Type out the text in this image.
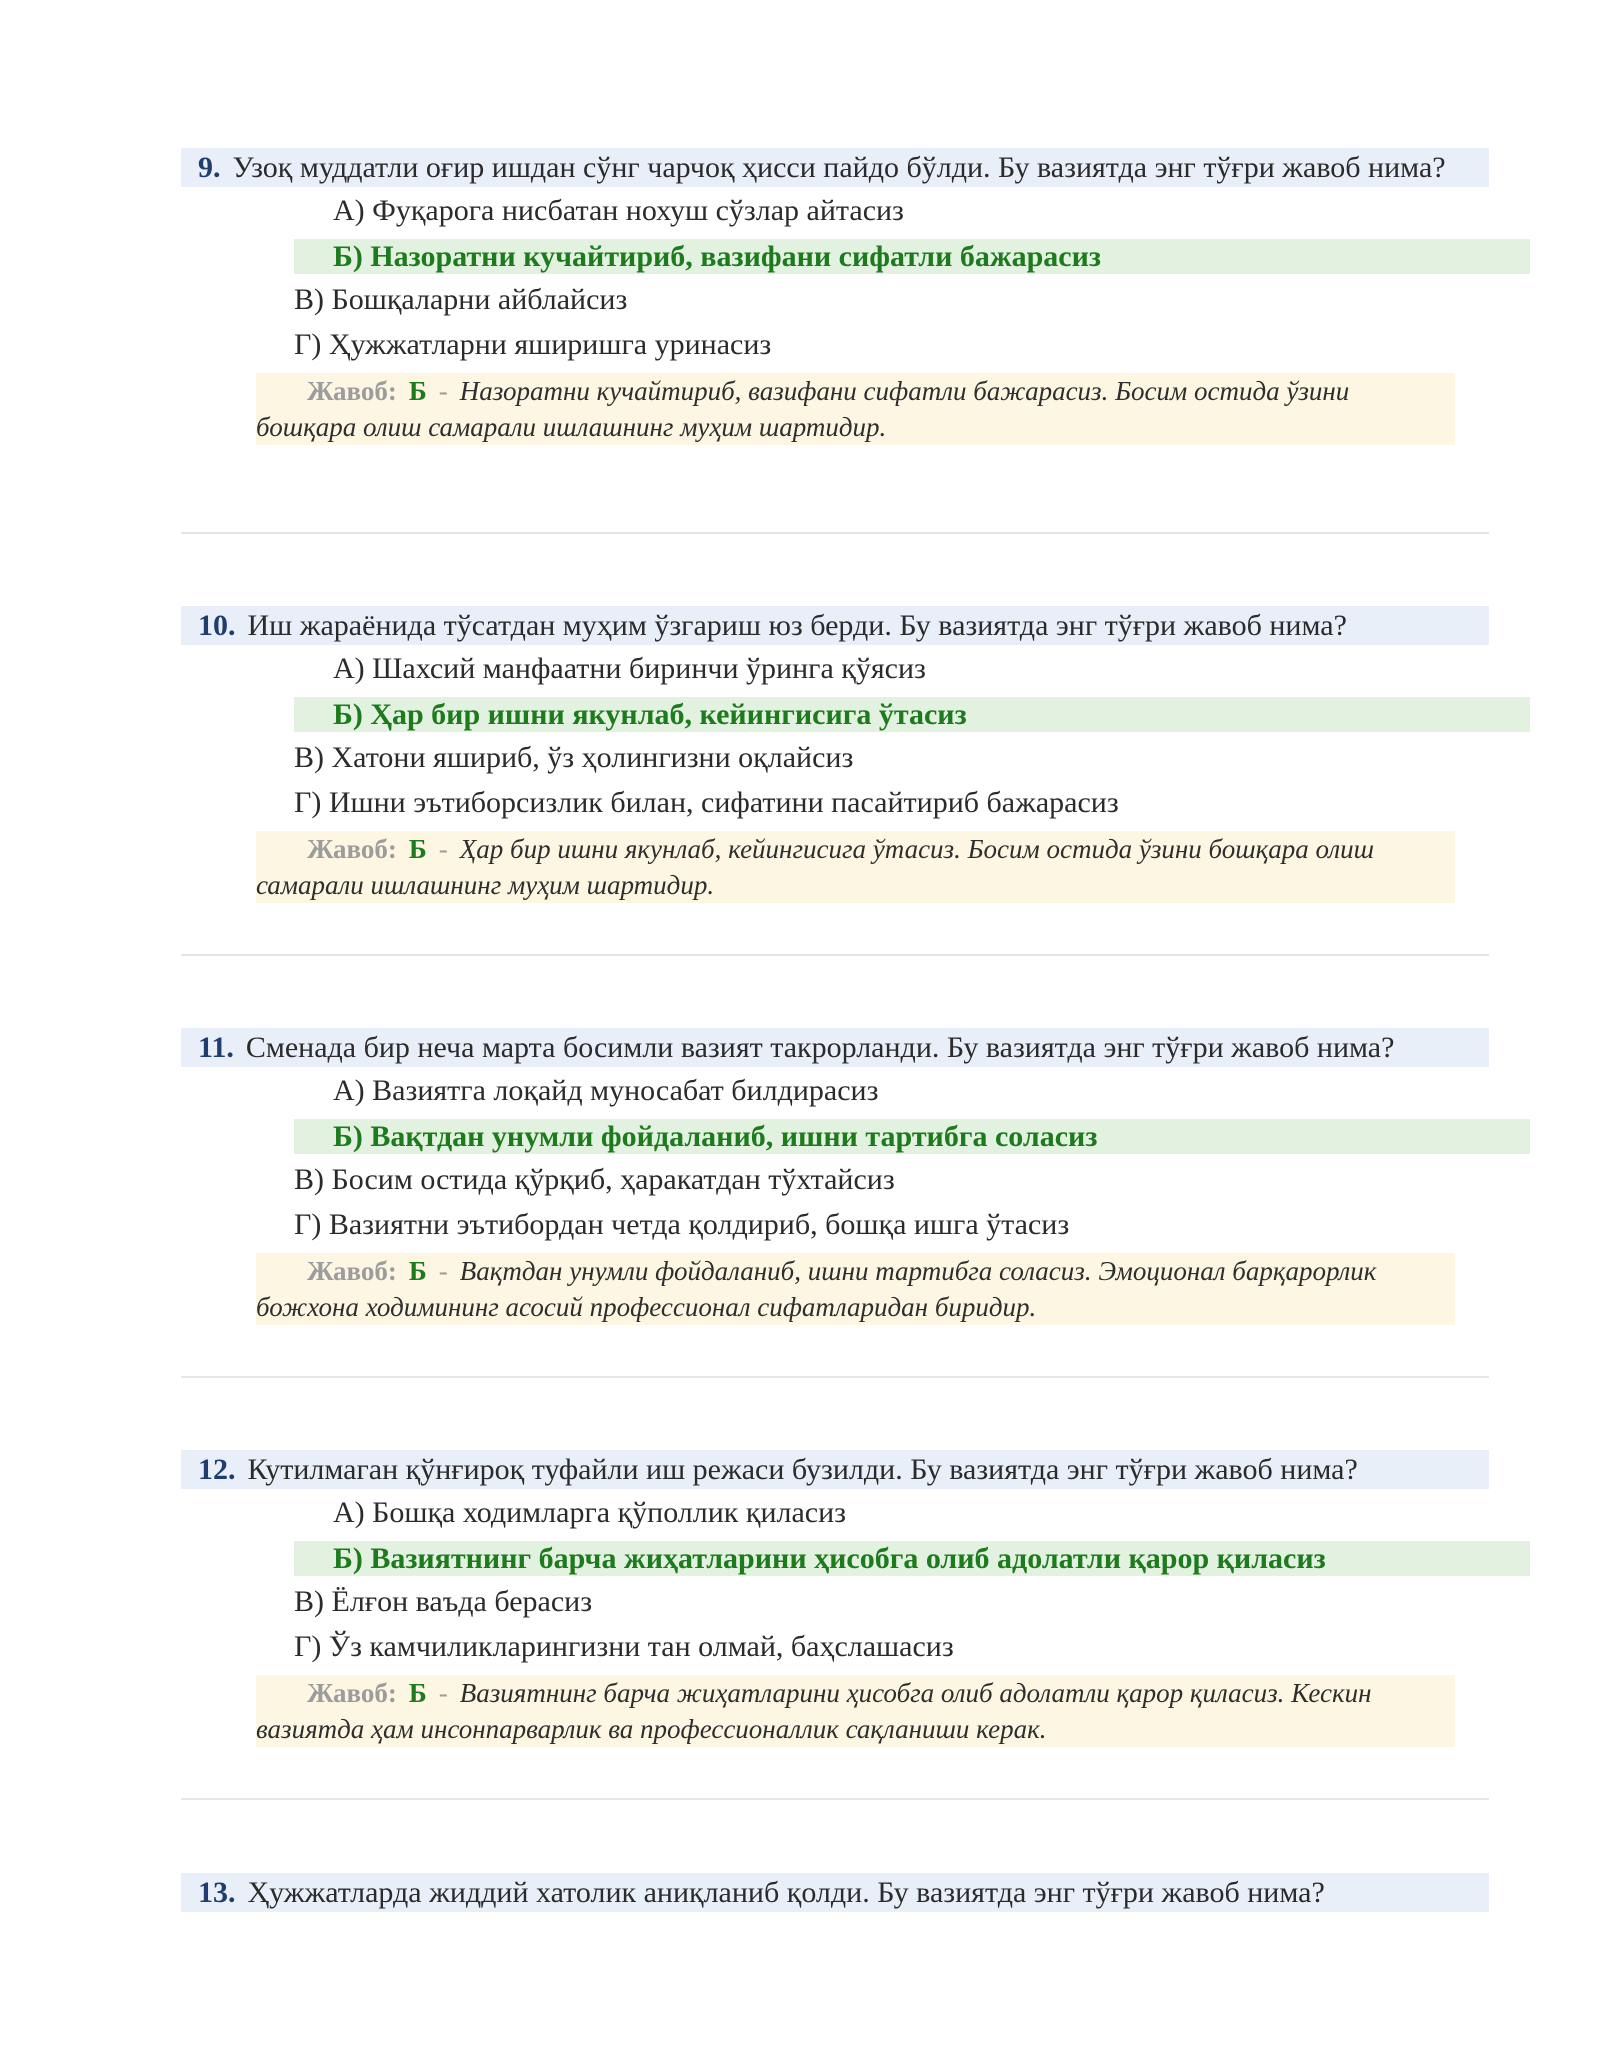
9. Узоқ муддатли оғир ишдан сўнг чарчоқ ҳисси пайдо бўлди. Бу вазиятда энг тўғри жавоб нима?
А) Фуқарога нисбатан нохуш сўзлар айтасиз
Б) Назоратни кучайтириб, вазифани сифатли бажарасиз
В) Бошқаларни айблайсиз
Г) Ҳужжатларни яширишга уринасиз
Жавоб: Б - Назоратни кучайтириб, вазифани сифатли бажарасиз. Босим остида ўзини бошқара олиш самарали ишлашнинг муҳим шартидир.
10. Иш жараёнида тўсатдан муҳим ўзгариш юз берди. Бу вазиятда энг тўғри жавоб нима?
А) Шахсий манфаатни биринчи ўринга қўясиз
Б) Ҳар бир ишни якунлаб, кейингисига ўтасиз
В) Хатони яшириб, ўз ҳолингизни оқлайсиз
Г) Ишни эътиборсизлик билан, сифатини пасайтириб бажарасиз
Жавоб: Б - Ҳар бир ишни якунлаб, кейингисига ўтасиз. Босим остида ўзини бошқара олиш самарали ишлашнинг муҳим шартидир.
11. Сменада бир неча марта босимли вазият такрорланди. Бу вазиятда энг тўғри жавоб нима?
А) Вазиятга лоқайд муносабат билдирасиз
Б) Вақтдан унумли фойдаланиб, ишни тартибга соласиз
В) Босим остида қўрқиб, ҳаракатдан тўхтайсиз
Г) Вазиятни эътибордан четда қолдириб, бошқа ишга ўтасиз
Жавоб: Б - Вақтдан унумли фойдаланиб, ишни тартибга соласиз. Эмоционал барқарорлик божхона ходимининг асосий профессионал сифатларидан биридир.
12. Кутилмаган қўнғироқ туфайли иш режаси бузилди. Бу вазиятда энг тўғри жавоб нима?
А) Бошқа ходимларга қўполлик қиласиз
Б) Вазиятнинг барча жиҳатларини ҳисобга олиб адолатли қарор қиласиз
В) Ёлғон ваъда берасиз
Г) Ўз камчиликларингизни тан олмай, баҳслашасиз
Жавоб: Б - Вазиятнинг барча жиҳатларини ҳисобга олиб адолатли қарор қиласиз. Кескин вазиятда ҳам инсонпарварлик ва профессионаллик сақланиши керак.
13. Ҳужжатларда жиддий хатолик аниқланиб қолди. Бу вазиятда энг тўғри жавоб нима?
